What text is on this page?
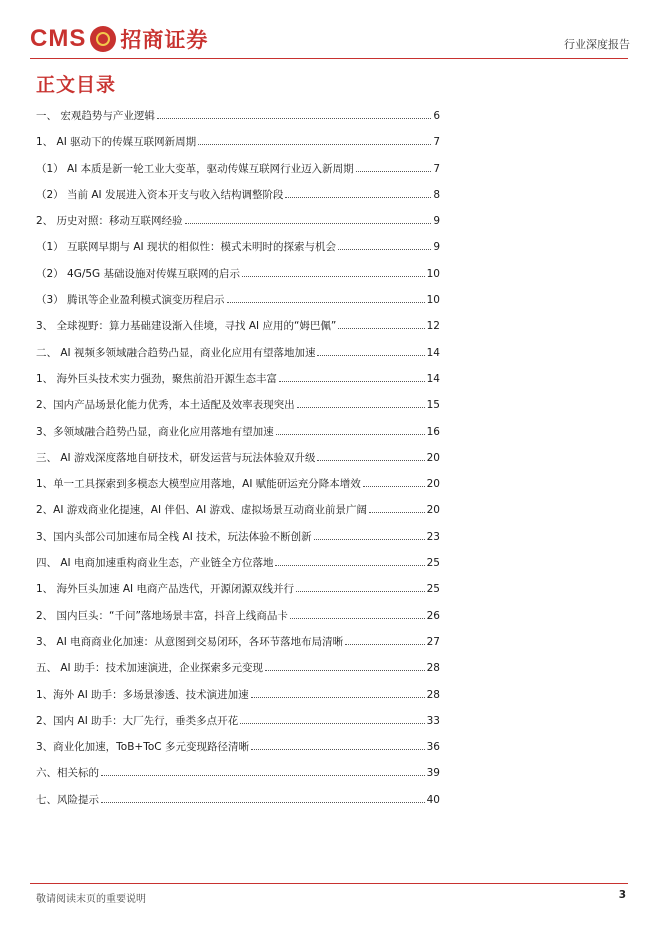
CMS 招商证券	行业深度报告
正文目录
一、 宏观趋势与产业逻辑	6
1、 AI 驱动下的传媒互联网新周期	7
（1） AI 本质是新一轮工业大变革，驱动传媒互联网行业迈入新周期	7
（2） 当前 AI 发展进入资本开支与收入结构调整阶段	8
2、 历史对照：移动互联网经验	9
（1） 互联网早期与 AI 现状的相似性：模式未明时的探索与机会	9
（2） 4G/5G 基础设施对传媒互联网的启示	10
（3） 腾讯等企业盈利模式演变历程启示	10
3、 全球视野：算力基础建设渐入佳境，寻找 AI 应用的“姆巴佩”	12
二、 AI 视频多领域融合趋势凸显，商业化应用有望落地加速	14
1、 海外巨头技术实力强劲，聚焦前沿开源生态丰富	14
2、国内产品场景化能力优秀，本土适配及效率表现突出	15
3、多领域融合趋势凸显，商业化应用落地有望加速	16
三、 AI 游戏深度落地自研技术，研发运营与玩法体验双升级	20
1、单一工具探索到多模态大模型应用落地，AI 赋能研运充分降本增效	20
2、AI 游戏商业化提速，AI 伴侣、AI 游戏、虚拟场景互动商业前景广阔	20
3、国内头部公司加速布局全栈 AI 技术，玩法体验不断创新	23
四、 AI 电商加速重构商业生态，产业链全方位落地	25
1、 海外巨头加速 AI 电商产品迭代，开源闭源双线并行	25
2、 国内巨头：“千问”落地场景丰富，抖音上线商品卡	26
3、 AI 电商商业化加速：从意图到交易闭环，各环节落地布局清晰	27
五、 AI 助手：技术加速演进，企业探索多元变现	28
1、海外 AI 助手：多场景渗透、技术演进加速	28
2、国内 AI 助手：大厂先行，垂类多点开花	33
3、商业化加速，ToB+ToC 多元变现路径清晰	36
六、相关标的	39
七、风险提示	40
敬请阅读末页的重要说明	3
